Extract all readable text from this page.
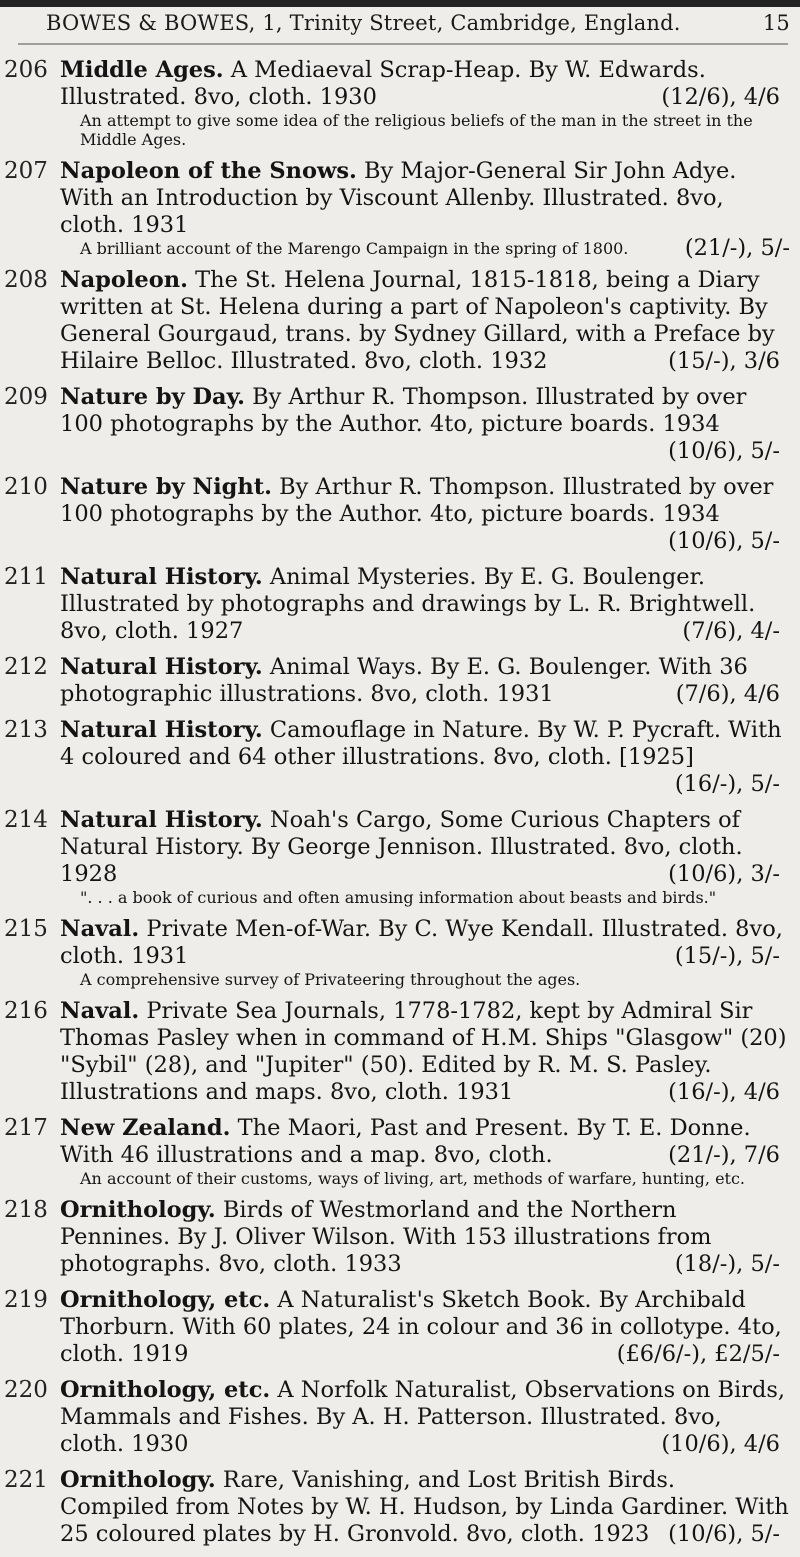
BOWES & BOWES, 1, Trinity Street, Cambridge, England.	15
206 Middle Ages. A Mediaeval Scrap-Heap. By W. Edwards. Illustrated. 8vo, cloth. 1930	(12/6), 4/6
An attempt to give some idea of the religious beliefs of the man in the street in the Middle Ages.
207 Napoleon of the Snows. By Major-General Sir John Adye. With an Introduction by Viscount Allenby. Illustrated. 8vo, cloth. 1931
A brilliant account of the Marengo Campaign in the spring of 1800.	(21/-), 5/-
208 Napoleon. The St. Helena Journal, 1815-1818, being a Diary written at St. Helena during a part of Napoleon's captivity. By General Gourgaud, trans. by Sydney Gillard, with a Preface by Hilaire Belloc. Illustrated. 8vo, cloth. 1932	(15/-), 3/6
209 Nature by Day. By Arthur R. Thompson. Illustrated by over 100 photographs by the Author. 4to, picture boards. 1934
(10/6), 5/-
210 Nature by Night. By Arthur R. Thompson. Illustrated by over 100 photographs by the Author. 4to, picture boards. 1934
(10/6), 5/-
211 Natural History. Animal Mysteries. By E. G. Boulenger. Illustrated by photographs and drawings by L. R. Brightwell. 8vo, cloth. 1927	(7/6), 4/-
212 Natural History. Animal Ways. By E. G. Boulenger. With 36 photographic illustrations. 8vo, cloth. 1931	(7/6), 4/6
213 Natural History. Camouflage in Nature. By W. P. Pycraft. With 4 coloured and 64 other illustrations. 8vo, cloth. [1925]
(16/-), 5/-
214 Natural History. Noah's Cargo, Some Curious Chapters of Natural History. By George Jennison. Illustrated. 8vo, cloth. 1928	(10/6), 3/-
". . . a book of curious and often amusing information about beasts and birds."
215 Naval. Private Men-of-War. By C. Wye Kendall. Illustrated. 8vo, cloth. 1931	(15/-), 5/-
A comprehensive survey of Privateering throughout the ages.
216 Naval. Private Sea Journals, 1778-1782, kept by Admiral Sir Thomas Pasley when in command of H.M. Ships "Glasgow" (20) "Sybil" (28), and "Jupiter" (50). Edited by R. M. S. Pasley. Illustrations and maps. 8vo, cloth. 1931	(16/-), 4/6
217 New Zealand. The Maori, Past and Present. By T. E. Donne. With 46 illustrations and a map. 8vo, cloth.	(21/-), 7/6
An account of their customs, ways of living, art, methods of warfare, hunting, etc.
218 Ornithology. Birds of Westmorland and the Northern Pennines. By J. Oliver Wilson. With 153 illustrations from photographs. 8vo, cloth. 1933	(18/-), 5/-
219 Ornithology, etc. A Naturalist's Sketch Book. By Archibald Thorburn. With 60 plates, 24 in colour and 36 in collotype. 4to, cloth. 1919	(£6/6/-), £2/5/-
220 Ornithology, etc. A Norfolk Naturalist, Observations on Birds, Mammals and Fishes. By A. H. Patterson. Illustrated. 8vo, cloth. 1930	(10/6), 4/6
221 Ornithology. Rare, Vanishing, and Lost British Birds. Compiled from Notes by W. H. Hudson, by Linda Gardiner. With 25 coloured plates by H. Gronvold. 8vo, cloth. 1923 (10/6), 5/-
